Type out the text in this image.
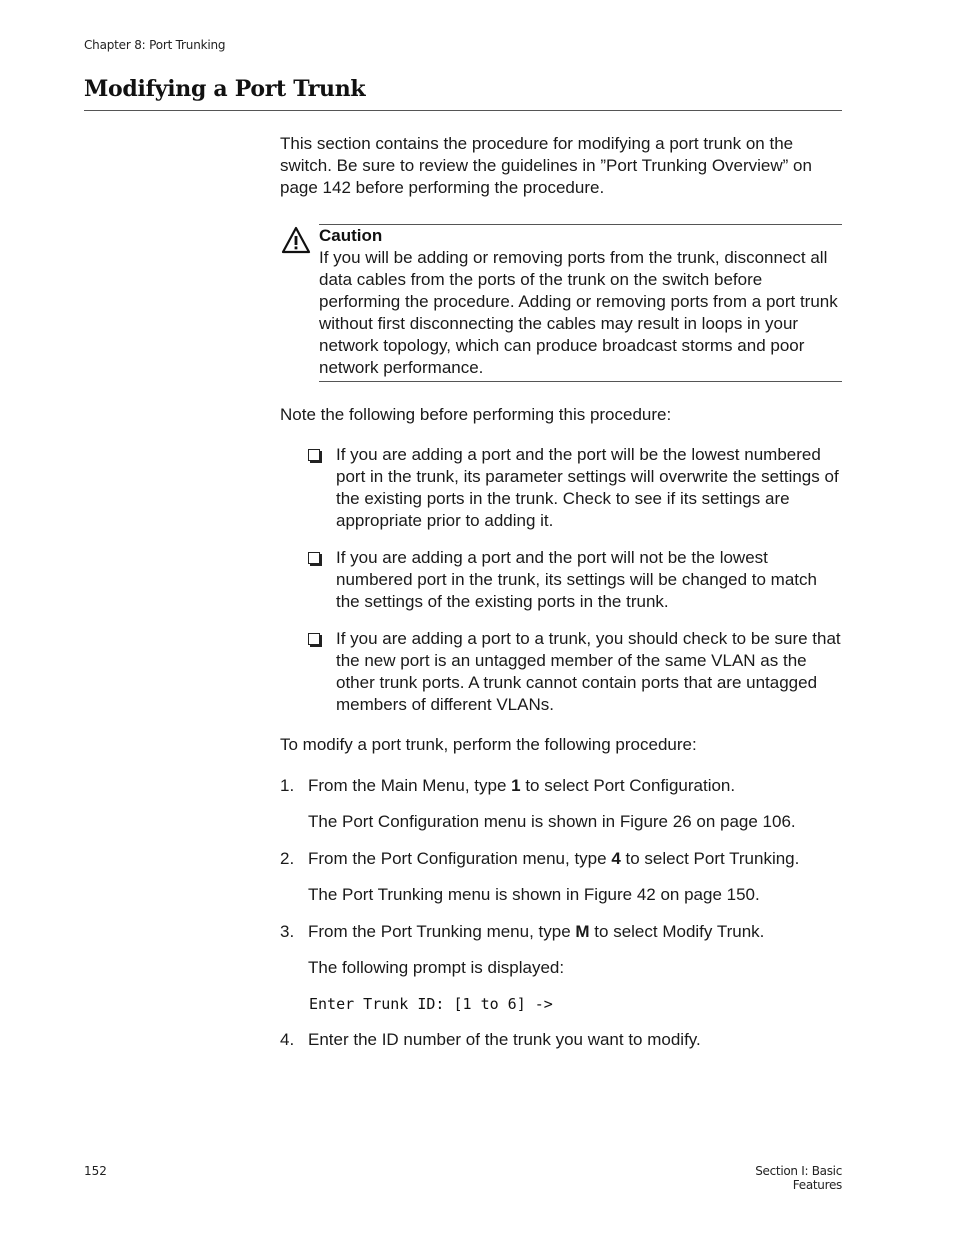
Chapter 8: Port Trunking
Modifying a Port Trunk
This section contains the procedure for modifying a port trunk on the switch. Be sure to review the guidelines in ”Port Trunking Overview” on page 142 before performing the procedure.
Caution
If you will be adding or removing ports from the trunk, disconnect all data cables from the ports of the trunk on the switch before performing the procedure. Adding or removing ports from a port trunk without first disconnecting the cables may result in loops in your network topology, which can produce broadcast storms and poor network performance.
Note the following before performing this procedure:
If you are adding a port and the port will be the lowest numbered port in the trunk, its parameter settings will overwrite the settings of the existing ports in the trunk. Check to see if its settings are appropriate prior to adding it.
If you are adding a port and the port will not be the lowest numbered port in the trunk, its settings will be changed to match the settings of the existing ports in the trunk.
If you are adding a port to a trunk, you should check to be sure that the new port is an untagged member of the same VLAN as the other trunk ports. A trunk cannot contain ports that are untagged members of different VLANs.
To modify a port trunk, perform the following procedure:
1. From the Main Menu, type 1 to select Port Configuration.
The Port Configuration menu is shown in Figure 26 on page 106.
2. From the Port Configuration menu, type 4 to select Port Trunking.
The Port Trunking menu is shown in Figure 42 on page 150.
3. From the Port Trunking menu, type M to select Modify Trunk.
The following prompt is displayed:
Enter Trunk ID: [1 to 6] ->
4. Enter the ID number of the trunk you want to modify.
152	Section I: Basic Features
